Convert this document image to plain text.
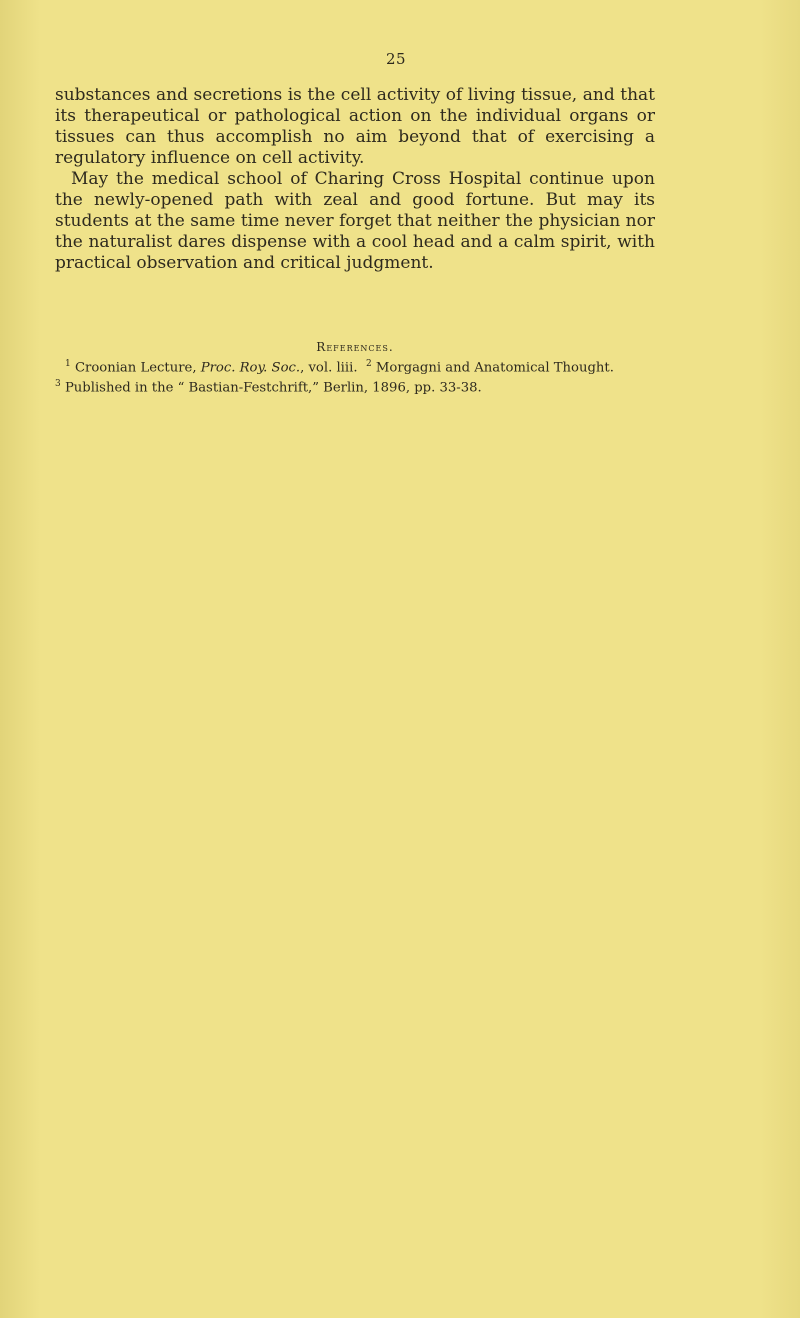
25

substances and secretions is the cell activity of living tissue, and that its therapeutical or pathological action on the individual organs or tissues can thus accomplish no aim beyond that of exercising a regulatory influence on cell activity.

May the medical school of Charing Cross Hospital continue upon the newly-opened path with zeal and good fortune. But may its students at the same time never forget that neither the physician nor the naturalist dares dispense with a cool head and a calm spirit, with practical observation and critical judgment.

References.

$^1$ Croonian Lecture, Proc. Roy. Soc., vol. liii. $^2$ Morgagni and Anatomical Thought.  $^3$ Published in the “ Bastian-Festchrift,” Berlin, 1896, pp. 33-38.
